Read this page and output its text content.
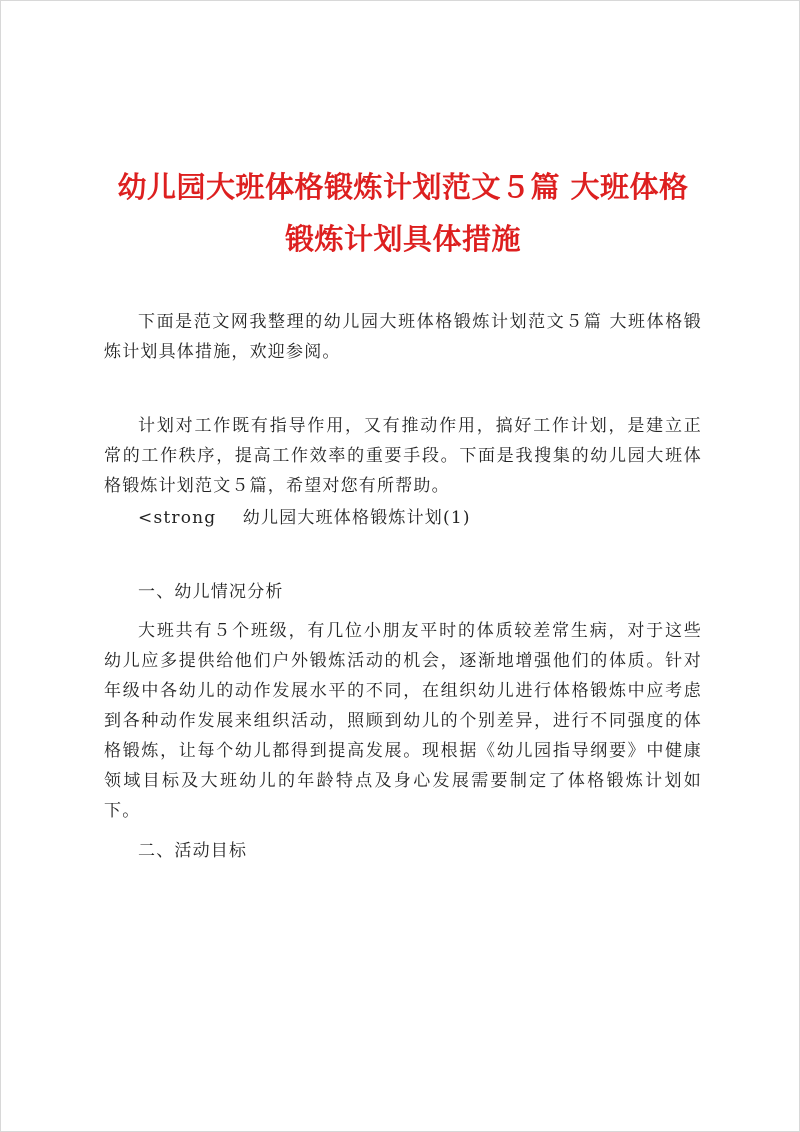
幼儿园大班体格锻炼计划范文５篇 大班体格锻炼计划具体措施

下面是范文网我整理的幼儿园大班体格锻炼计划范文５篇 大班体格锻炼计划具体措施，欢迎参阅。

计划对工作既有指导作用，又有推动作用，搞好工作计划，是建立正常的工作秩序，提高工作效率的重要手段。下面是我搜集的幼儿园大班体格锻炼计划范文５篇，希望对您有所帮助。

<strong    幼儿园大班体格锻炼计划(1)

一、幼儿情况分析

大班共有５个班级，有几位小朋友平时的体质较差常生病，对于这些幼儿应多提供给他们户外锻炼活动的机会，逐渐地增强他们的体质。针对年级中各幼儿的动作发展水平的不同，在组织幼儿进行体格锻炼中应考虑到各种动作发展来组织活动，照顾到幼儿的个别差异，进行不同强度的体格锻炼，让每个幼儿都得到提高发展。现根据《幼儿园指导纲要》中健康领域目标及大班幼儿的年龄特点及身心发展需要制定了体格锻炼计划如下。

二、活动目标
